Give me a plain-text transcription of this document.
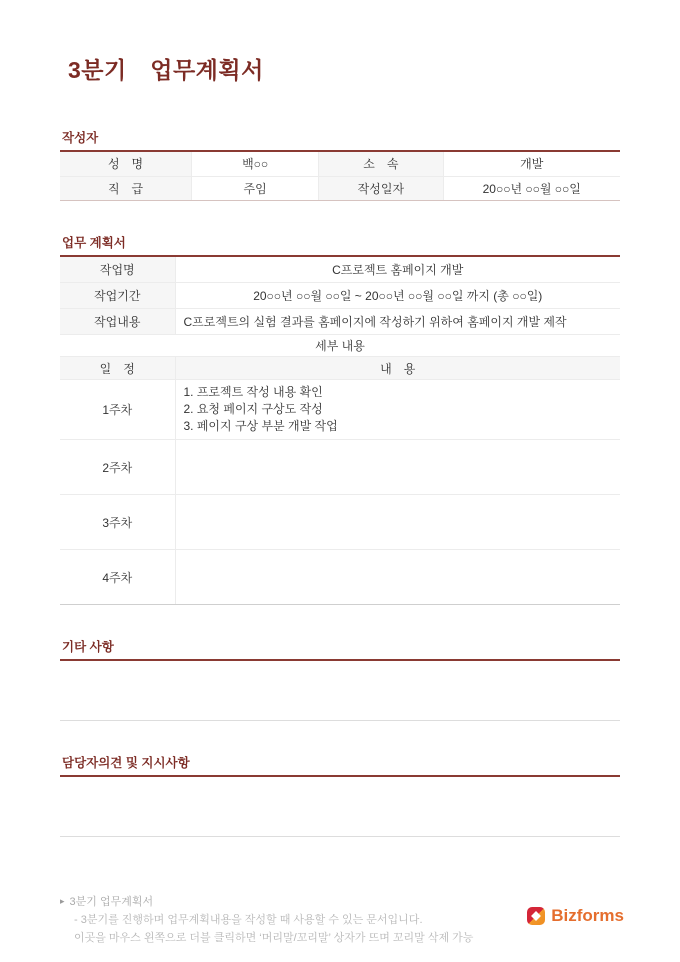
3분기　업무계획서
작성자
성　명	백○○	소　속	개발
직　급	주임	작성일자	20○○년 ○○월 ○○일
업무 계획서
작업명	C프로젝트 홈페이지 개발
작업기간	20○○년 ○○월 ○○일 ~ 20○○년 ○○월 ○○일 까지 (총 ○○일)
작업내용	C프로젝트의 실험 결과를 홈페이지에 작성하기 위하여 홈페이지 개발 제작
세부 내용	
일　정	내　용
1주차	1. 프로젝트 작성 내용 확인
2. 요청 페이지 구상도 작성
3. 페이지 구상 부분 개발 작업

2주차	
3주차	
4주차	
기타 사항
담당자의견 및 지시사항
▸ 3분기 업무계획서
- 3분기를 진행하며 업무계획내용을 작성할 때 사용할 수 있는 문서입니다.
이곳을 마우스 왼쪽으로 더블 클릭하면 ‘머리말/꼬리말’ 상자가 뜨며 꼬리말 삭제 가능
Bizforms
